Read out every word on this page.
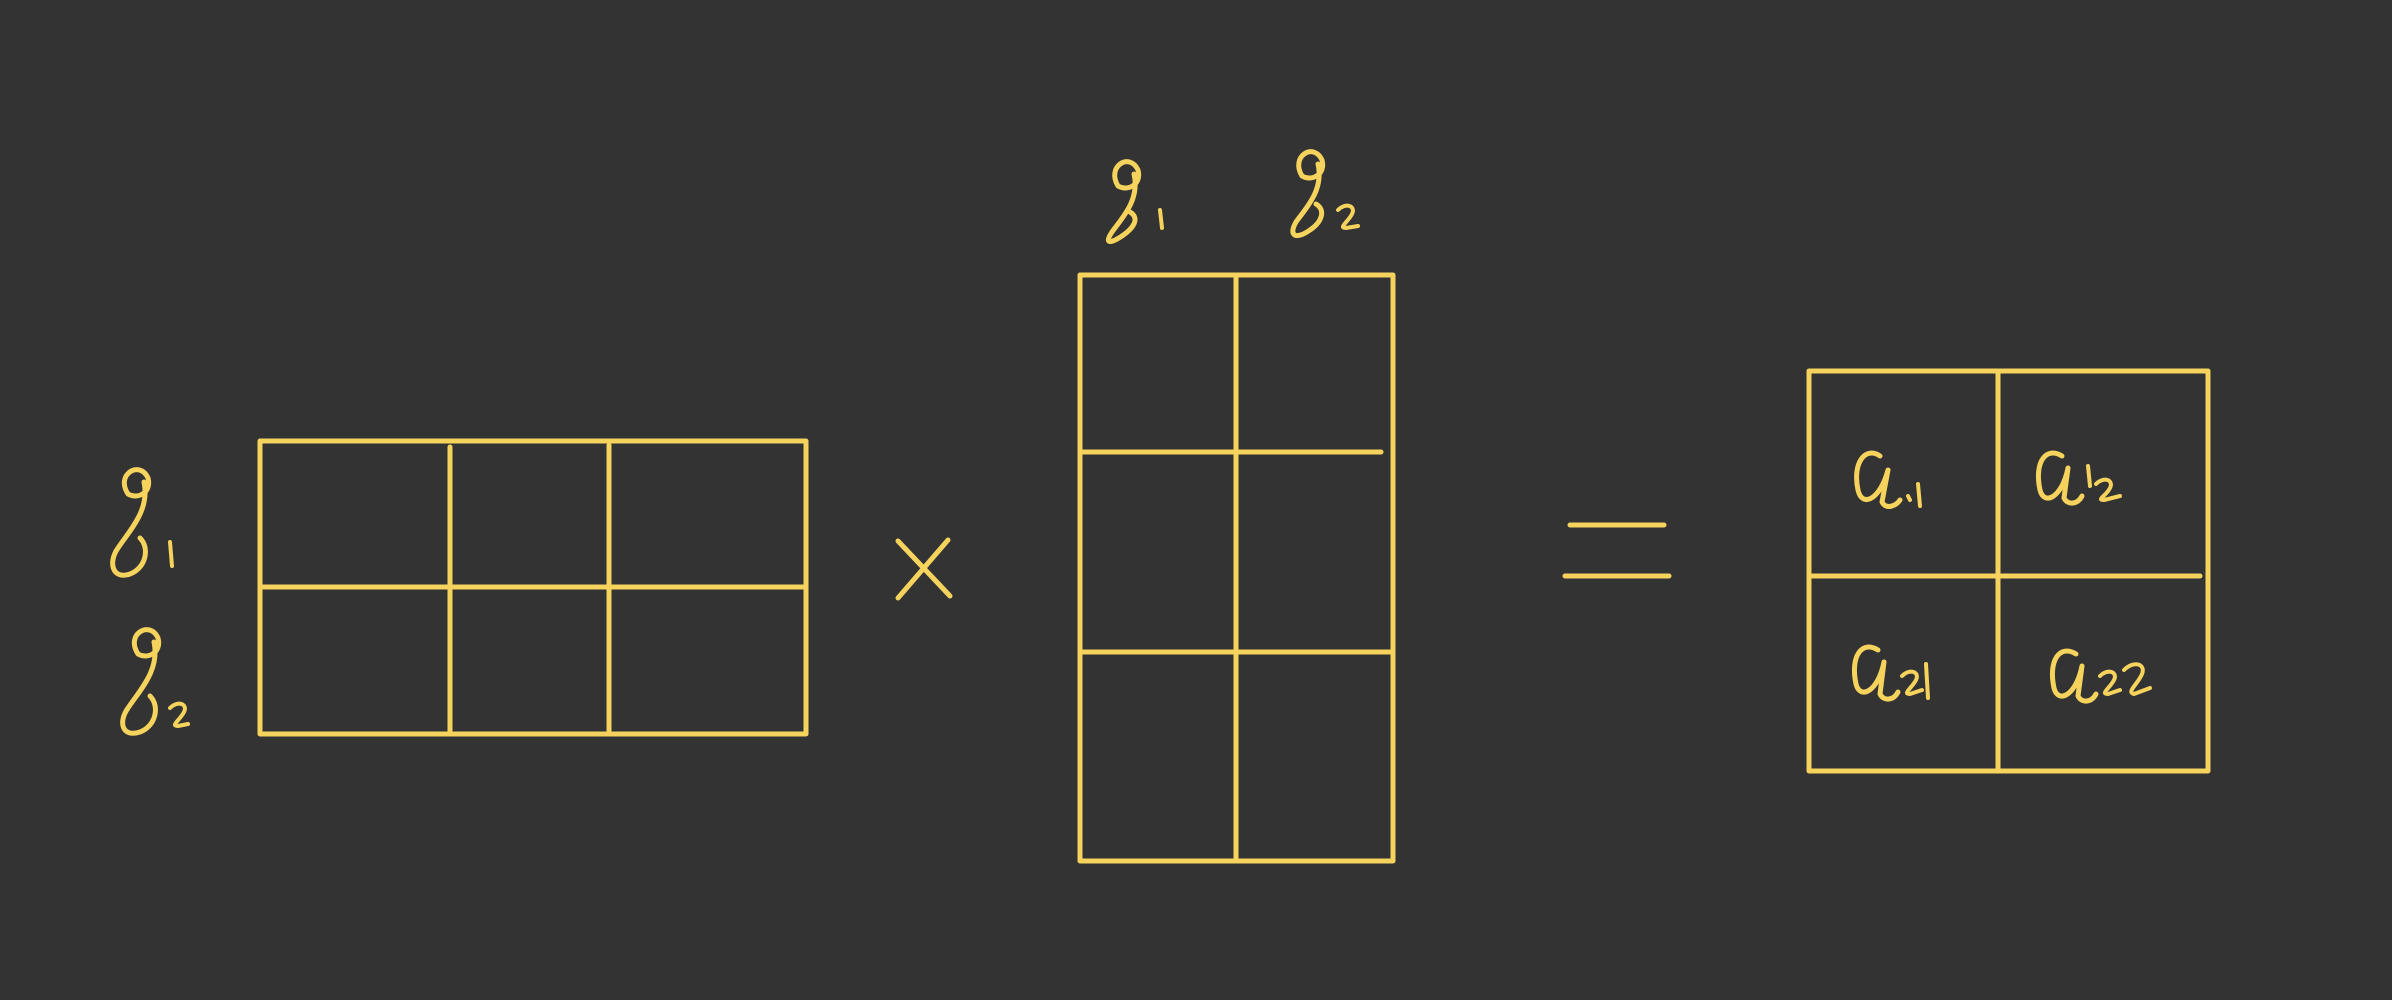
q1
q2
×
q1	q2
=
a11	a12
a21	a22
